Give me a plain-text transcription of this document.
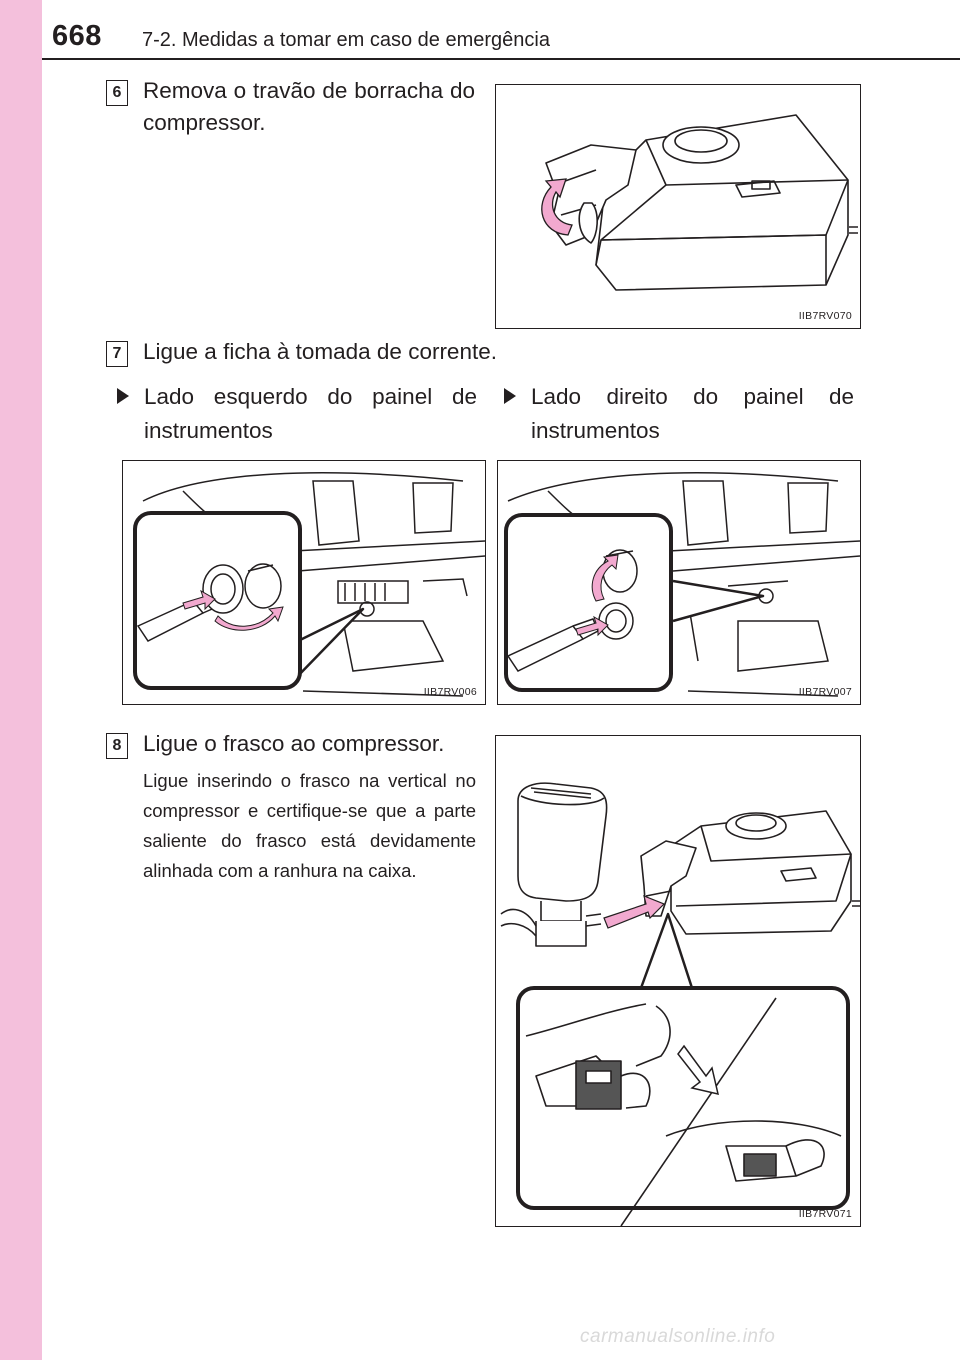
668 7-2. Medidas a tomar em caso de emergência
6 Remova o travão de borracha do compressor.
IIB7RV070
7 Ligue a ficha à tomada de corrente.
Lado esquerdo do painel de instrumentos
Lado direito do painel de instrumentos
IIB7RV006	IIB7RV007
8 Ligue o frasco ao compressor.
Ligue inserindo o frasco na vertical no compressor e certifique-se que a parte saliente do frasco está devidamente alinhada com a ranhura na caixa.
IIB7RV071
carmanualsonline.info
